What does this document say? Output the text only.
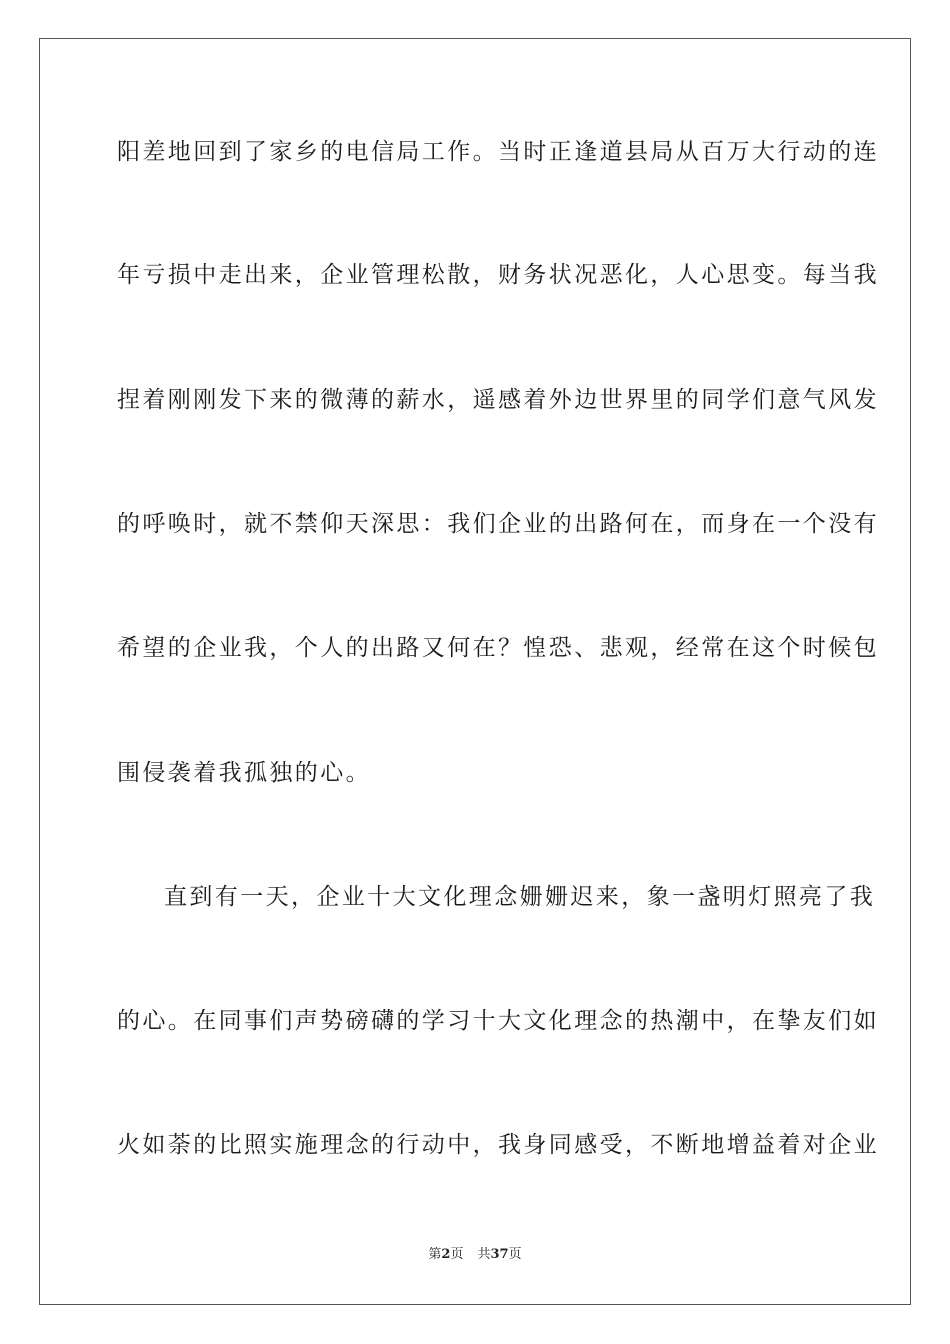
阳差地回到了家乡的电信局工作。当时正逢道县局从百万大行动的连
年亏损中走出来，企业管理松散，财务状况恶化，人心思变。每当我
捏着刚刚发下来的微薄的薪水，遥感着外边世界里的同学们意气风发
的呼唤时，就不禁仰天深思：我们企业的出路何在，而身在一个没有
希望的企业我，个人的出路又何在？惶恐、悲观，经常在这个时候包
围侵袭着我孤独的心。
直到有一天，企业十大文化理念姗姗迟来，象一盏明灯照亮了我
的心。在同事们声势磅礴的学习十大文化理念的热潮中，在挚友们如
火如荼的比照实施理念的行动中，我身同感受，不断地增益着对企业
第2页 共37页
